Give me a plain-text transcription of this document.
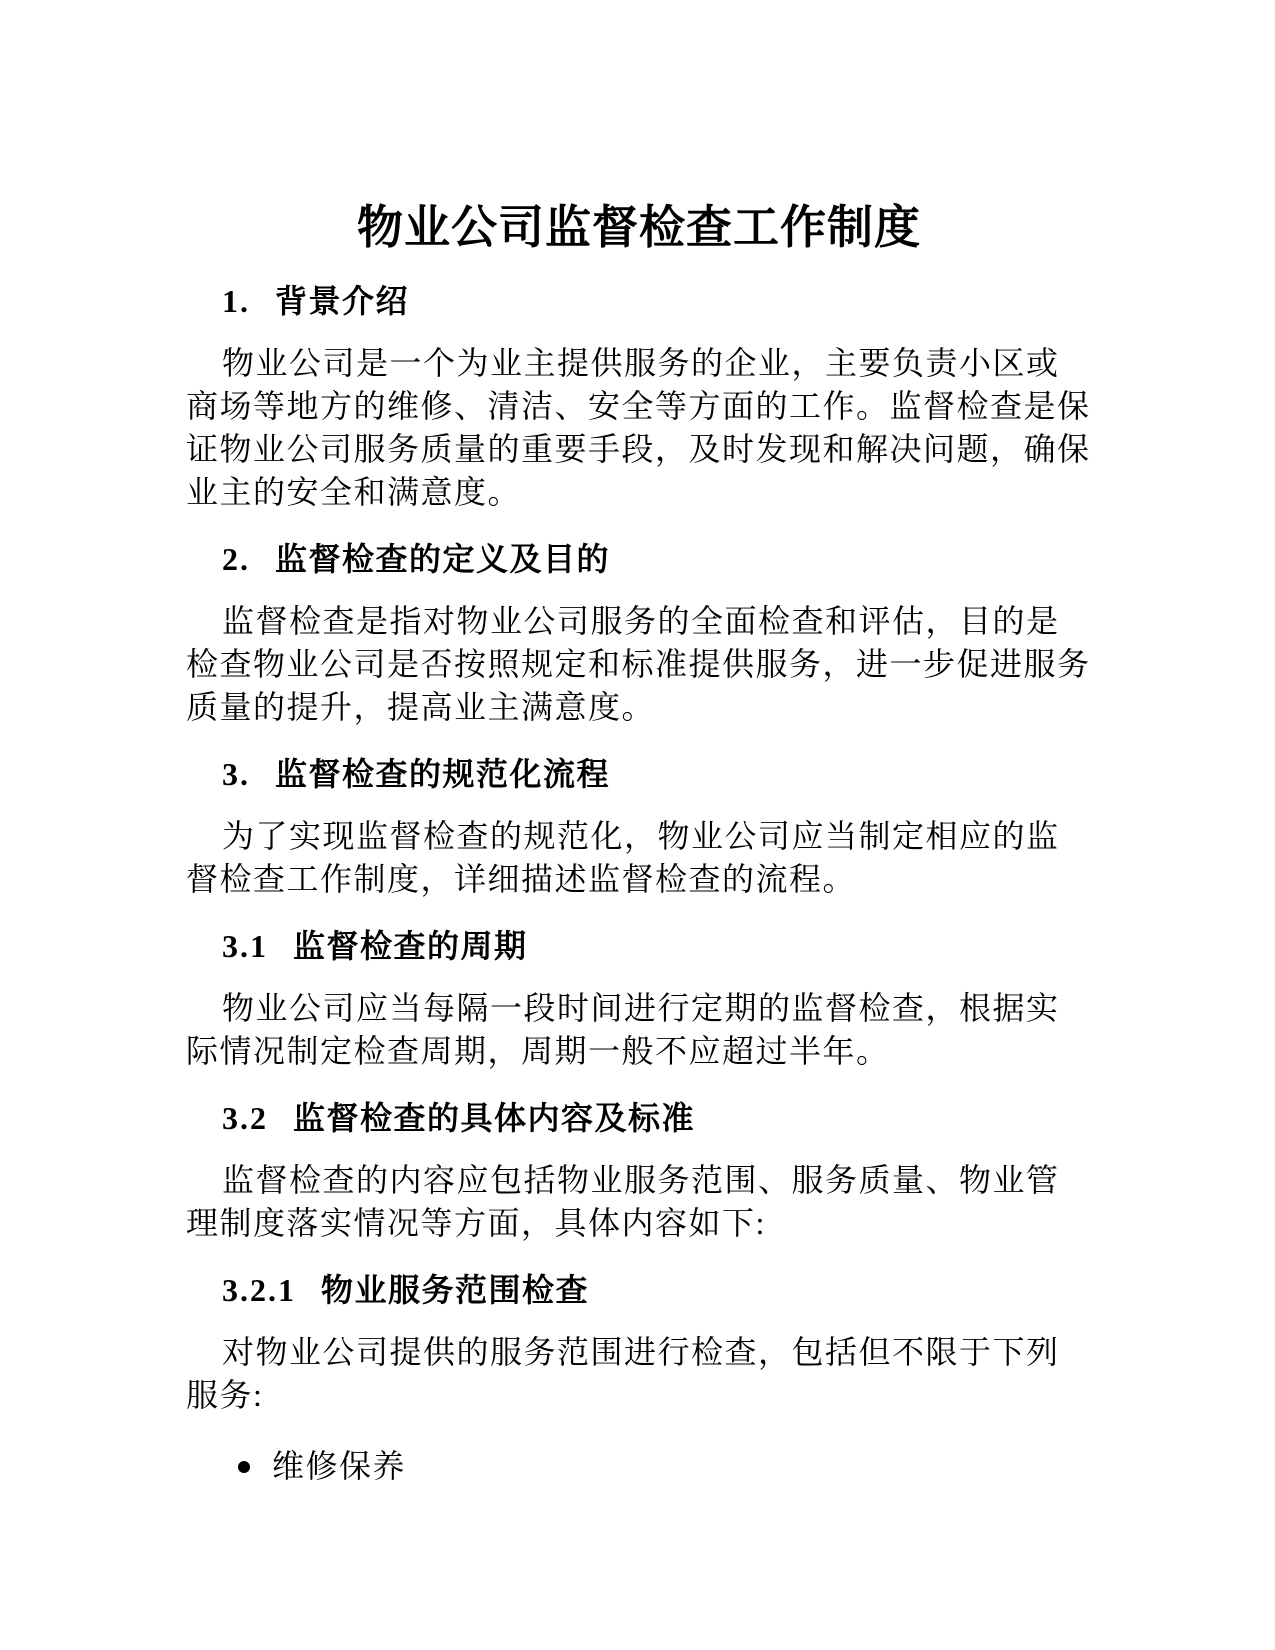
物业公司监督检查工作制度
1. 背景介绍
物业公司是一个为业主提供服务的企业，主要负责小区或
商场等地方的维修、清洁、安全等方面的工作。监督检查是保
证物业公司服务质量的重要手段，及时发现和解决问题，确保
业主的安全和满意度。
2. 监督检查的定义及目的
监督检查是指对物业公司服务的全面检查和评估，目的是
检查物业公司是否按照规定和标准提供服务，进一步促进服务
质量的提升，提高业主满意度。
3. 监督检查的规范化流程
为了实现监督检查的规范化，物业公司应当制定相应的监
督检查工作制度，详细描述监督检查的流程。
3.1 监督检查的周期
物业公司应当每隔一段时间进行定期的监督检查，根据实
际情况制定检查周期，周期一般不应超过半年。
3.2 监督检查的具体内容及标准
监督检查的内容应包括物业服务范围、服务质量、物业管
理制度落实情况等方面，具体内容如下:
3.2.1 物业服务范围检查
对物业公司提供的服务范围进行检查，包括但不限于下列
服务:
维修保养
